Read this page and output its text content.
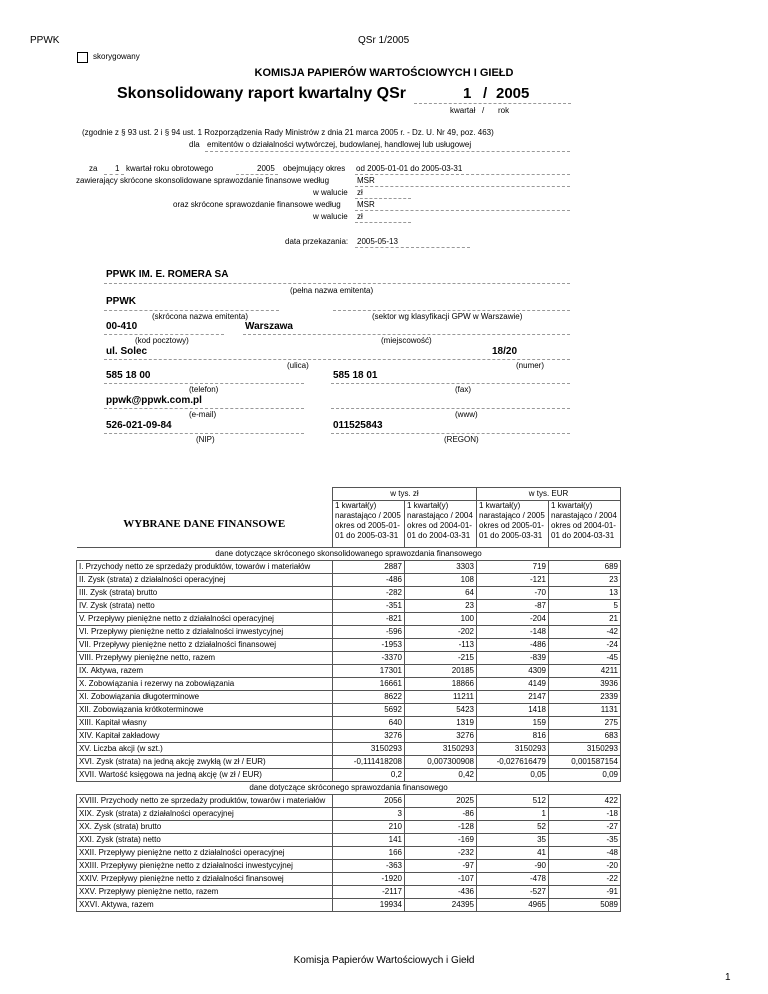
PPWK	QSr 1/2005
skorygowany
KOMISJA PAPIERÓW WARTOŚCIOWYCH I GIEŁD
Skonsolidowany raport kwartalny QSr	1 / 2005
kwartał / rok
(zgodnie z § 93 ust. 2 i § 94 ust. 1 Rozporządzenia Rady Ministrów z dnia 21 marca 2005 r. - Dz. U. Nr 49, poz. 463)
dla emitentów o działalności wytwórczej, budowlanej, handlowej lub usługowej
za 1 kwartał roku obrotowego	2005 obejmujący okres od 2005-01-01 do 2005-03-31
zawierający skrócone skonsolidowane sprawozdanie finansowe według	MSR
w walucie zł
oraz skrócone sprawozdanie finansowe według MSR
w walucie zł
data przekazania: 2005-05-13
PPWK IM. E. ROMERA SA
(pełna nazwa emitenta)
PPWK
(skrócona nazwa emitenta)	(sektor wg klasyfikacji GPW w Warszawie)
00-410	Warszawa
(kod pocztowy)	(miejscowość)
ul. Solec	18/20
(ulica)	(numer)
585 18 00	585 18 01
(telefon)	(fax)
ppwk@ppwk.com.pl
(e-mail)	(www)
526-021-09-84	011525843
(NIP)	(REGON)
	w tys. zł		w tys. EUR	
WYBRANE DANE FINANSOWE	1 kwartał(y) narastająco / 2005 okres od 2005-01-01 do 2005-03-31	1 kwartał(y) narastająco / 2004 okres od 2004-01-01 do 2004-03-31	1 kwartał(y) narastająco / 2005 okres od 2005-01-01 do 2005-03-31	1 kwartał(y) narastająco / 2004 okres od 2004-01-01 do 2004-03-31
dane dotyczące skróconego skonsolidowanego sprawozdania finansowego				
I. Przychody netto ze sprzedaży produktów, towarów i materiałów	2887	3303	719	689
II. Zysk (strata) z działalności operacyjnej	-486	108	-121	23
III. Zysk (strata) brutto	-282	64	-70	13
IV. Zysk (strata) netto	-351	23	-87	5
V. Przepływy pieniężne netto z działalności operacyjnej	-821	100	-204	21
VI. Przepływy pieniężne netto z działalności inwestycyjnej	-596	-202	-148	-42
VII. Przepływy pieniężne netto z działalności finansowej	-1953	-113	-486	-24
VIII. Przepływy pieniężne netto, razem	-3370	-215	-839	-45
IX. Aktywa, razem	17301	20185	4309	4211
X. Zobowiązania i rezerwy na zobowiązania	16661	18866	4149	3936
XI. Zobowiązania długoterminowe	8622	11211	2147	2339
XII. Zobowiązania krótkoterminowe	5692	5423	1418	1131
XIII. Kapitał własny	640	1319	159	275
XIV. Kapitał zakładowy	3276	3276	816	683
XV. Liczba akcji (w szt.)	3150293	3150293	3150293	3150293
XVI. Zysk (strata) na jedną akcję zwykłą (w zł / EUR)	-0,111418208	0,007300908	-0,027616479	0,001587154
XVII. Wartość księgowa na jedną akcję (w zł / EUR)	0,2	0,42	0,05	0,09
dane dotyczące skróconego sprawozdania finansowego				
XVIII. Przychody netto ze sprzedaży produktów, towarów i materiałów	2056	2025	512	422
XIX. Zysk (strata) z działalności operacyjnej	3	-86	1	-18
XX. Zysk (strata) brutto	210	-128	52	-27
XXI. Zysk (strata) netto	141	-169	35	-35
XXII. Przepływy pieniężne netto z działalności operacyjnej	166	-232	41	-48
XXIII. Przepływy pieniężne netto z działalności inwestycyjnej	-363	-97	-90	-20
XXIV. Przepływy pieniężne netto z działalności finansowej	-1920	-107	-478	-22
XXV. Przepływy pieniężne netto, razem	-2117	-436	-527	-91
XXVI. Aktywa, razem	19934	24395	4965	5089
Komisja Papierów Wartościowych i Giełd
1
